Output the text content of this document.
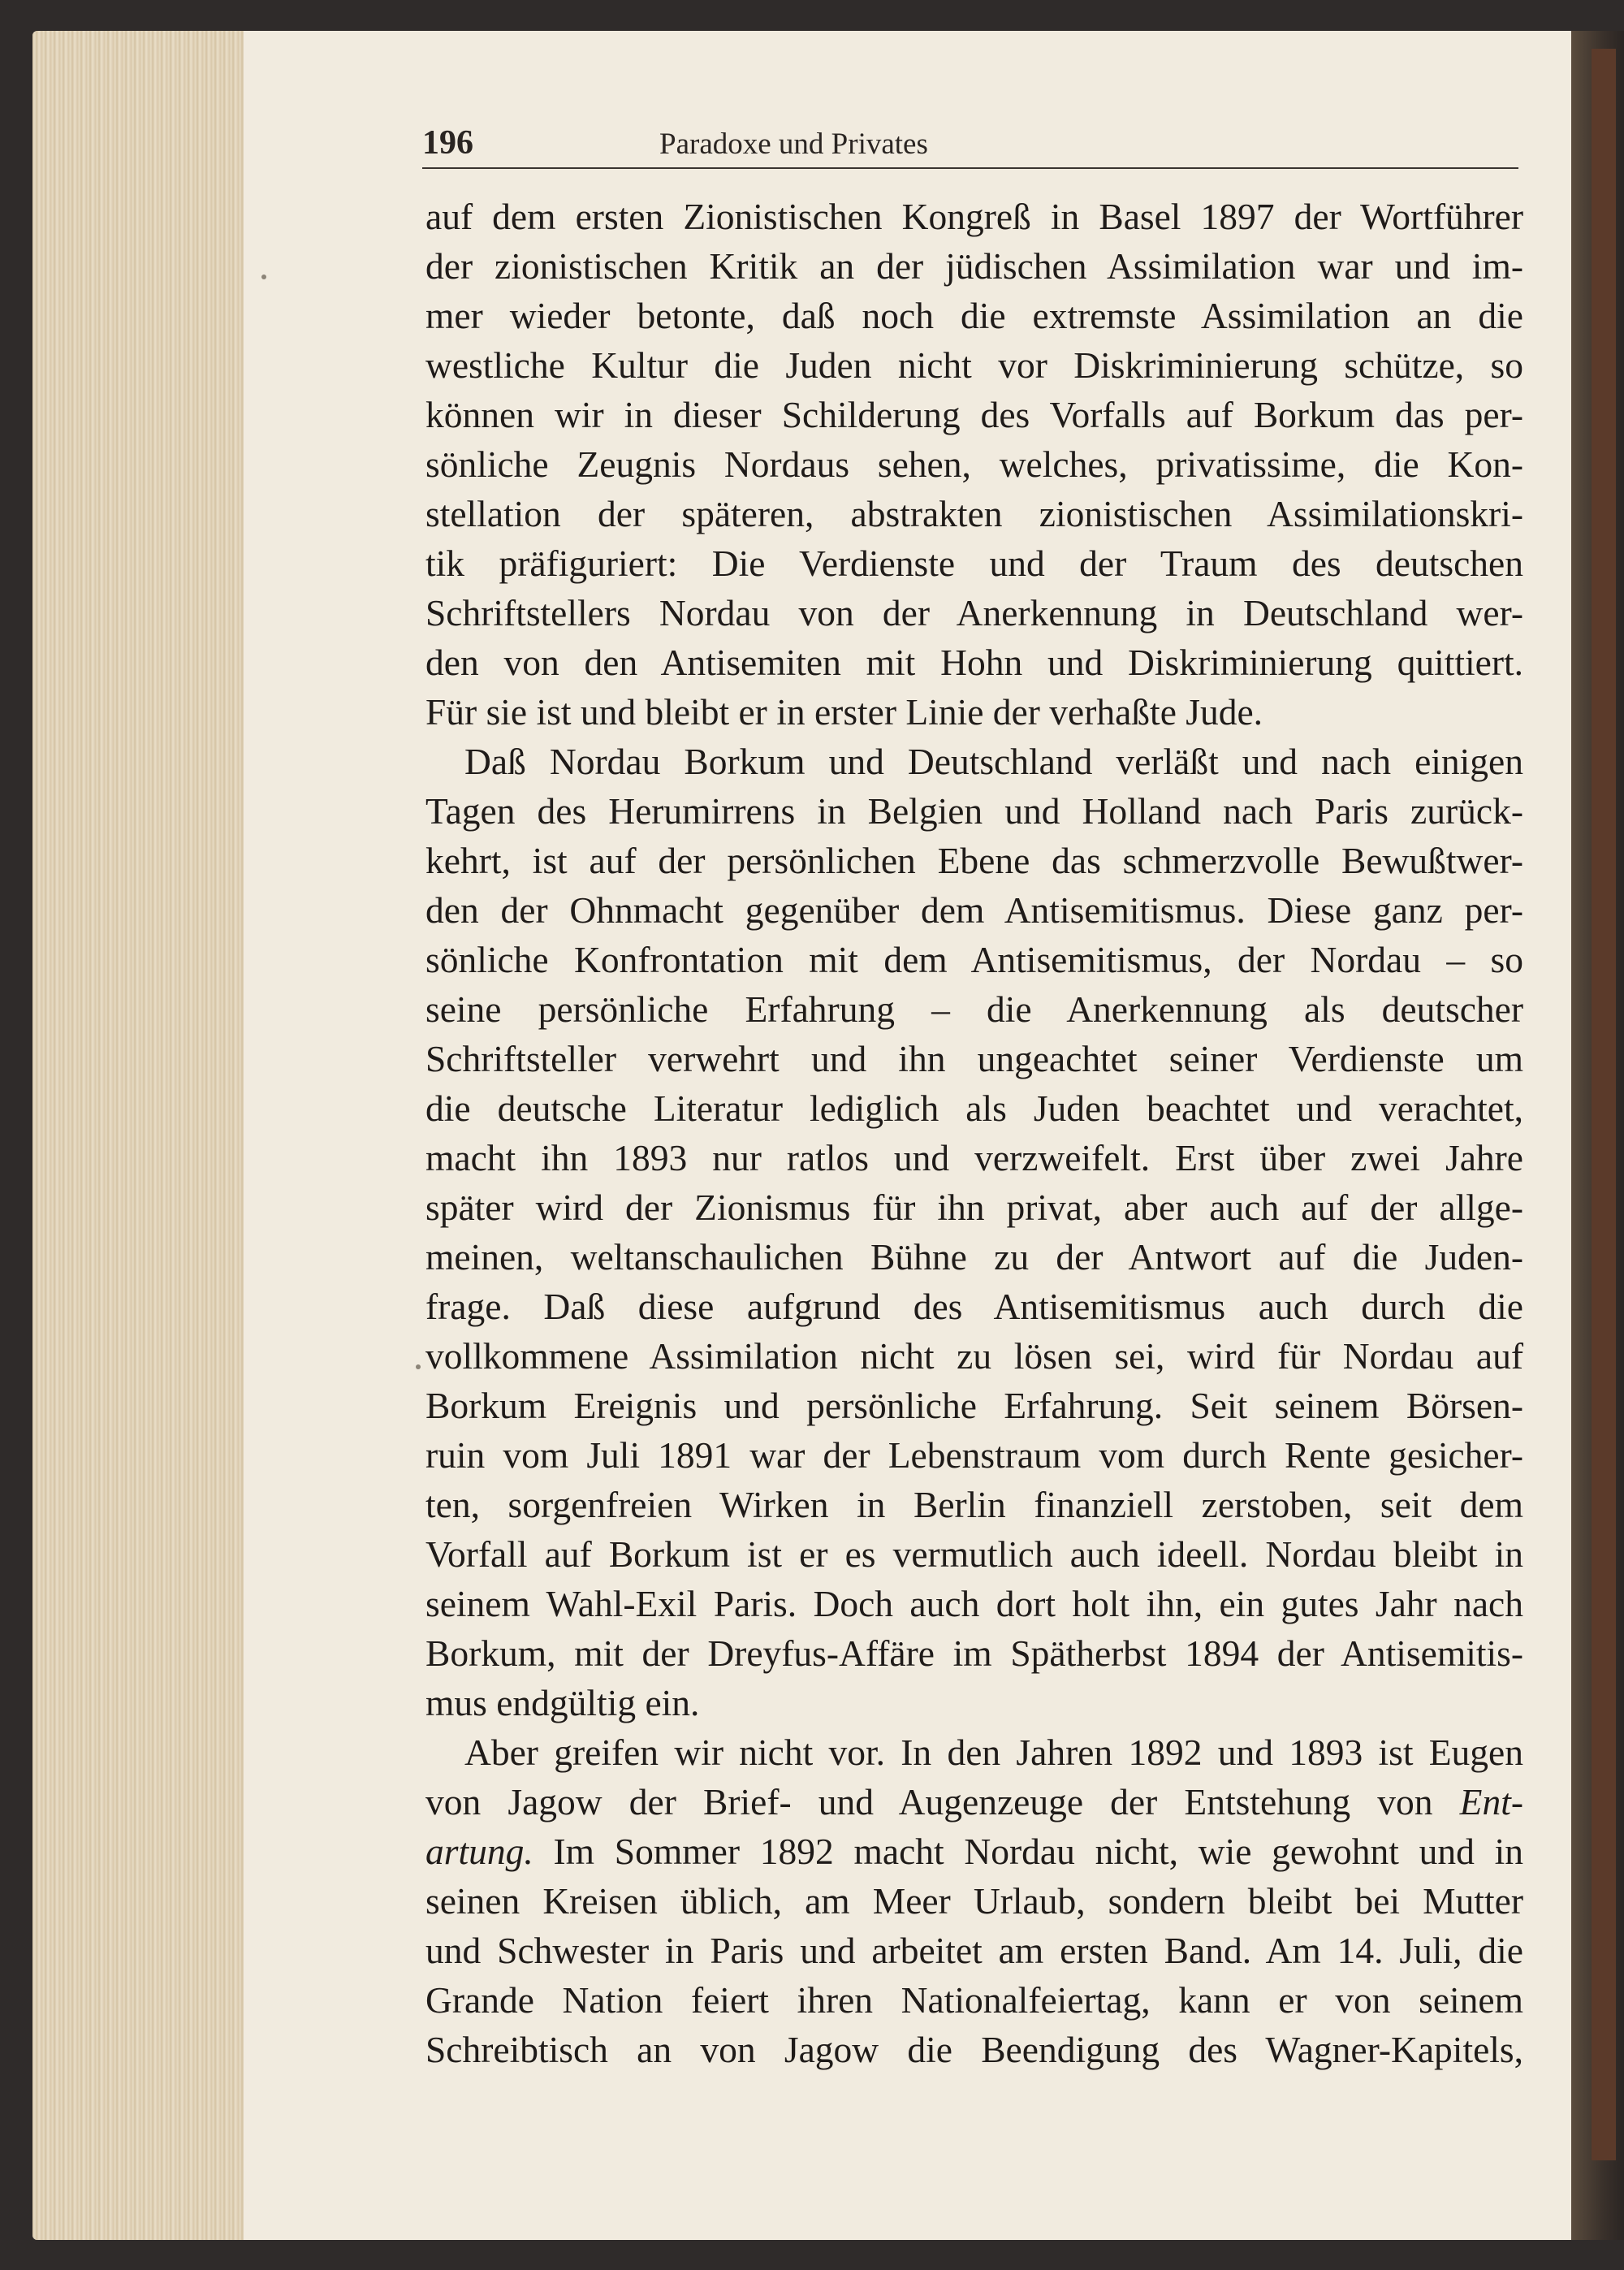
196	Paradoxe und Privates
auf dem ersten Zionistischen Kongreß in Basel 1897 der Wortführer
der zionistischen Kritik an der jüdischen Assimilation war und im-
mer wieder betonte, daß noch die extremste Assimilation an die
westliche Kultur die Juden nicht vor Diskriminierung schütze, so
können wir in dieser Schilderung des Vorfalls auf Borkum das per-
sönliche Zeugnis Nordaus sehen, welches, privatissime, die Kon-
stellation der späteren, abstrakten zionistischen Assimilationskri-
tik präfiguriert: Die Verdienste und der Traum des deutschen
Schriftstellers Nordau von der Anerkennung in Deutschland wer-
den von den Antisemiten mit Hohn und Diskriminierung quittiert.
Für sie ist und bleibt er in erster Linie der verhaßte Jude.
Daß Nordau Borkum und Deutschland verläßt und nach einigen
Tagen des Herumirrens in Belgien und Holland nach Paris zurück-
kehrt, ist auf der persönlichen Ebene das schmerzvolle Bewußtwer-
den der Ohnmacht gegenüber dem Antisemitismus. Diese ganz per-
sönliche Konfrontation mit dem Antisemitismus, der Nordau – so
seine persönliche Erfahrung – die Anerkennung als deutscher
Schriftsteller verwehrt und ihn ungeachtet seiner Verdienste um
die deutsche Literatur lediglich als Juden beachtet und verachtet,
macht ihn 1893 nur ratlos und verzweifelt. Erst über zwei Jahre
später wird der Zionismus für ihn privat, aber auch auf der allge-
meinen, weltanschaulichen Bühne zu der Antwort auf die Juden-
frage. Daß diese aufgrund des Antisemitismus auch durch die
vollkommene Assimilation nicht zu lösen sei, wird für Nordau auf
Borkum Ereignis und persönliche Erfahrung. Seit seinem Börsen-
ruin vom Juli 1891 war der Lebenstraum vom durch Rente gesicher-
ten, sorgenfreien Wirken in Berlin finanziell zerstoben, seit dem
Vorfall auf Borkum ist er es vermutlich auch ideell. Nordau bleibt in
seinem Wahl-Exil Paris. Doch auch dort holt ihn, ein gutes Jahr nach
Borkum, mit der Dreyfus-Affäre im Spätherbst 1894 der Antisemitis-
mus endgültig ein.
Aber greifen wir nicht vor. In den Jahren 1892 und 1893 ist Eugen
von Jagow der Brief- und Augenzeuge der Entstehung von Ent-
artung. Im Sommer 1892 macht Nordau nicht, wie gewohnt und in
seinen Kreisen üblich, am Meer Urlaub, sondern bleibt bei Mutter
und Schwester in Paris und arbeitet am ersten Band. Am 14. Juli, die
Grande Nation feiert ihren Nationalfeiertag, kann er von seinem
Schreibtisch an von Jagow die Beendigung des Wagner-Kapitels,
